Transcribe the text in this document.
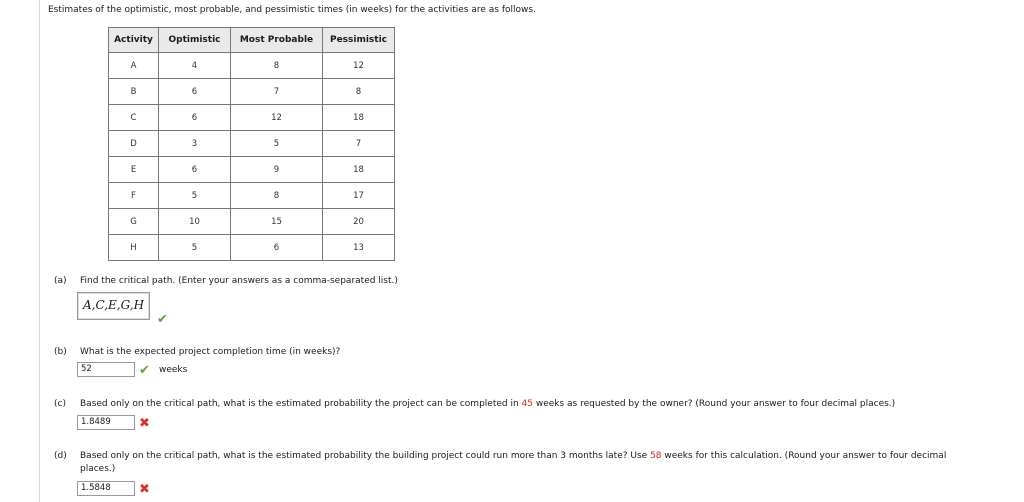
Estimates of the optimistic, most probable, and pessimistic times (in weeks) for the activities are as follows.
Activity	Optimistic	Most Probable	Pessimistic
A	4	8	12
B	6	7	8
C	6	12	18
D	3	5	7
E	6	9	18
F	5	8	17
G	10	15	20
H	5	6	13
(a) Find the critical path. (Enter your answers as a comma-separated list.)
A,C,E,G,H
✔
(b) What is the expected project completion time (in weeks)?
52	✔ weeks
(c) Based only on the critical path, what is the estimated probability the project can be completed in 45 weeks as requested by the owner? (Round your answer to four decimal places.)
1.8489	✖
(d) Based only on the critical path, what is the estimated probability the building project could run more than 3 months late? Use 58 weeks for this calculation. (Round your answer to four decimal
places.)
1.5848	✖
